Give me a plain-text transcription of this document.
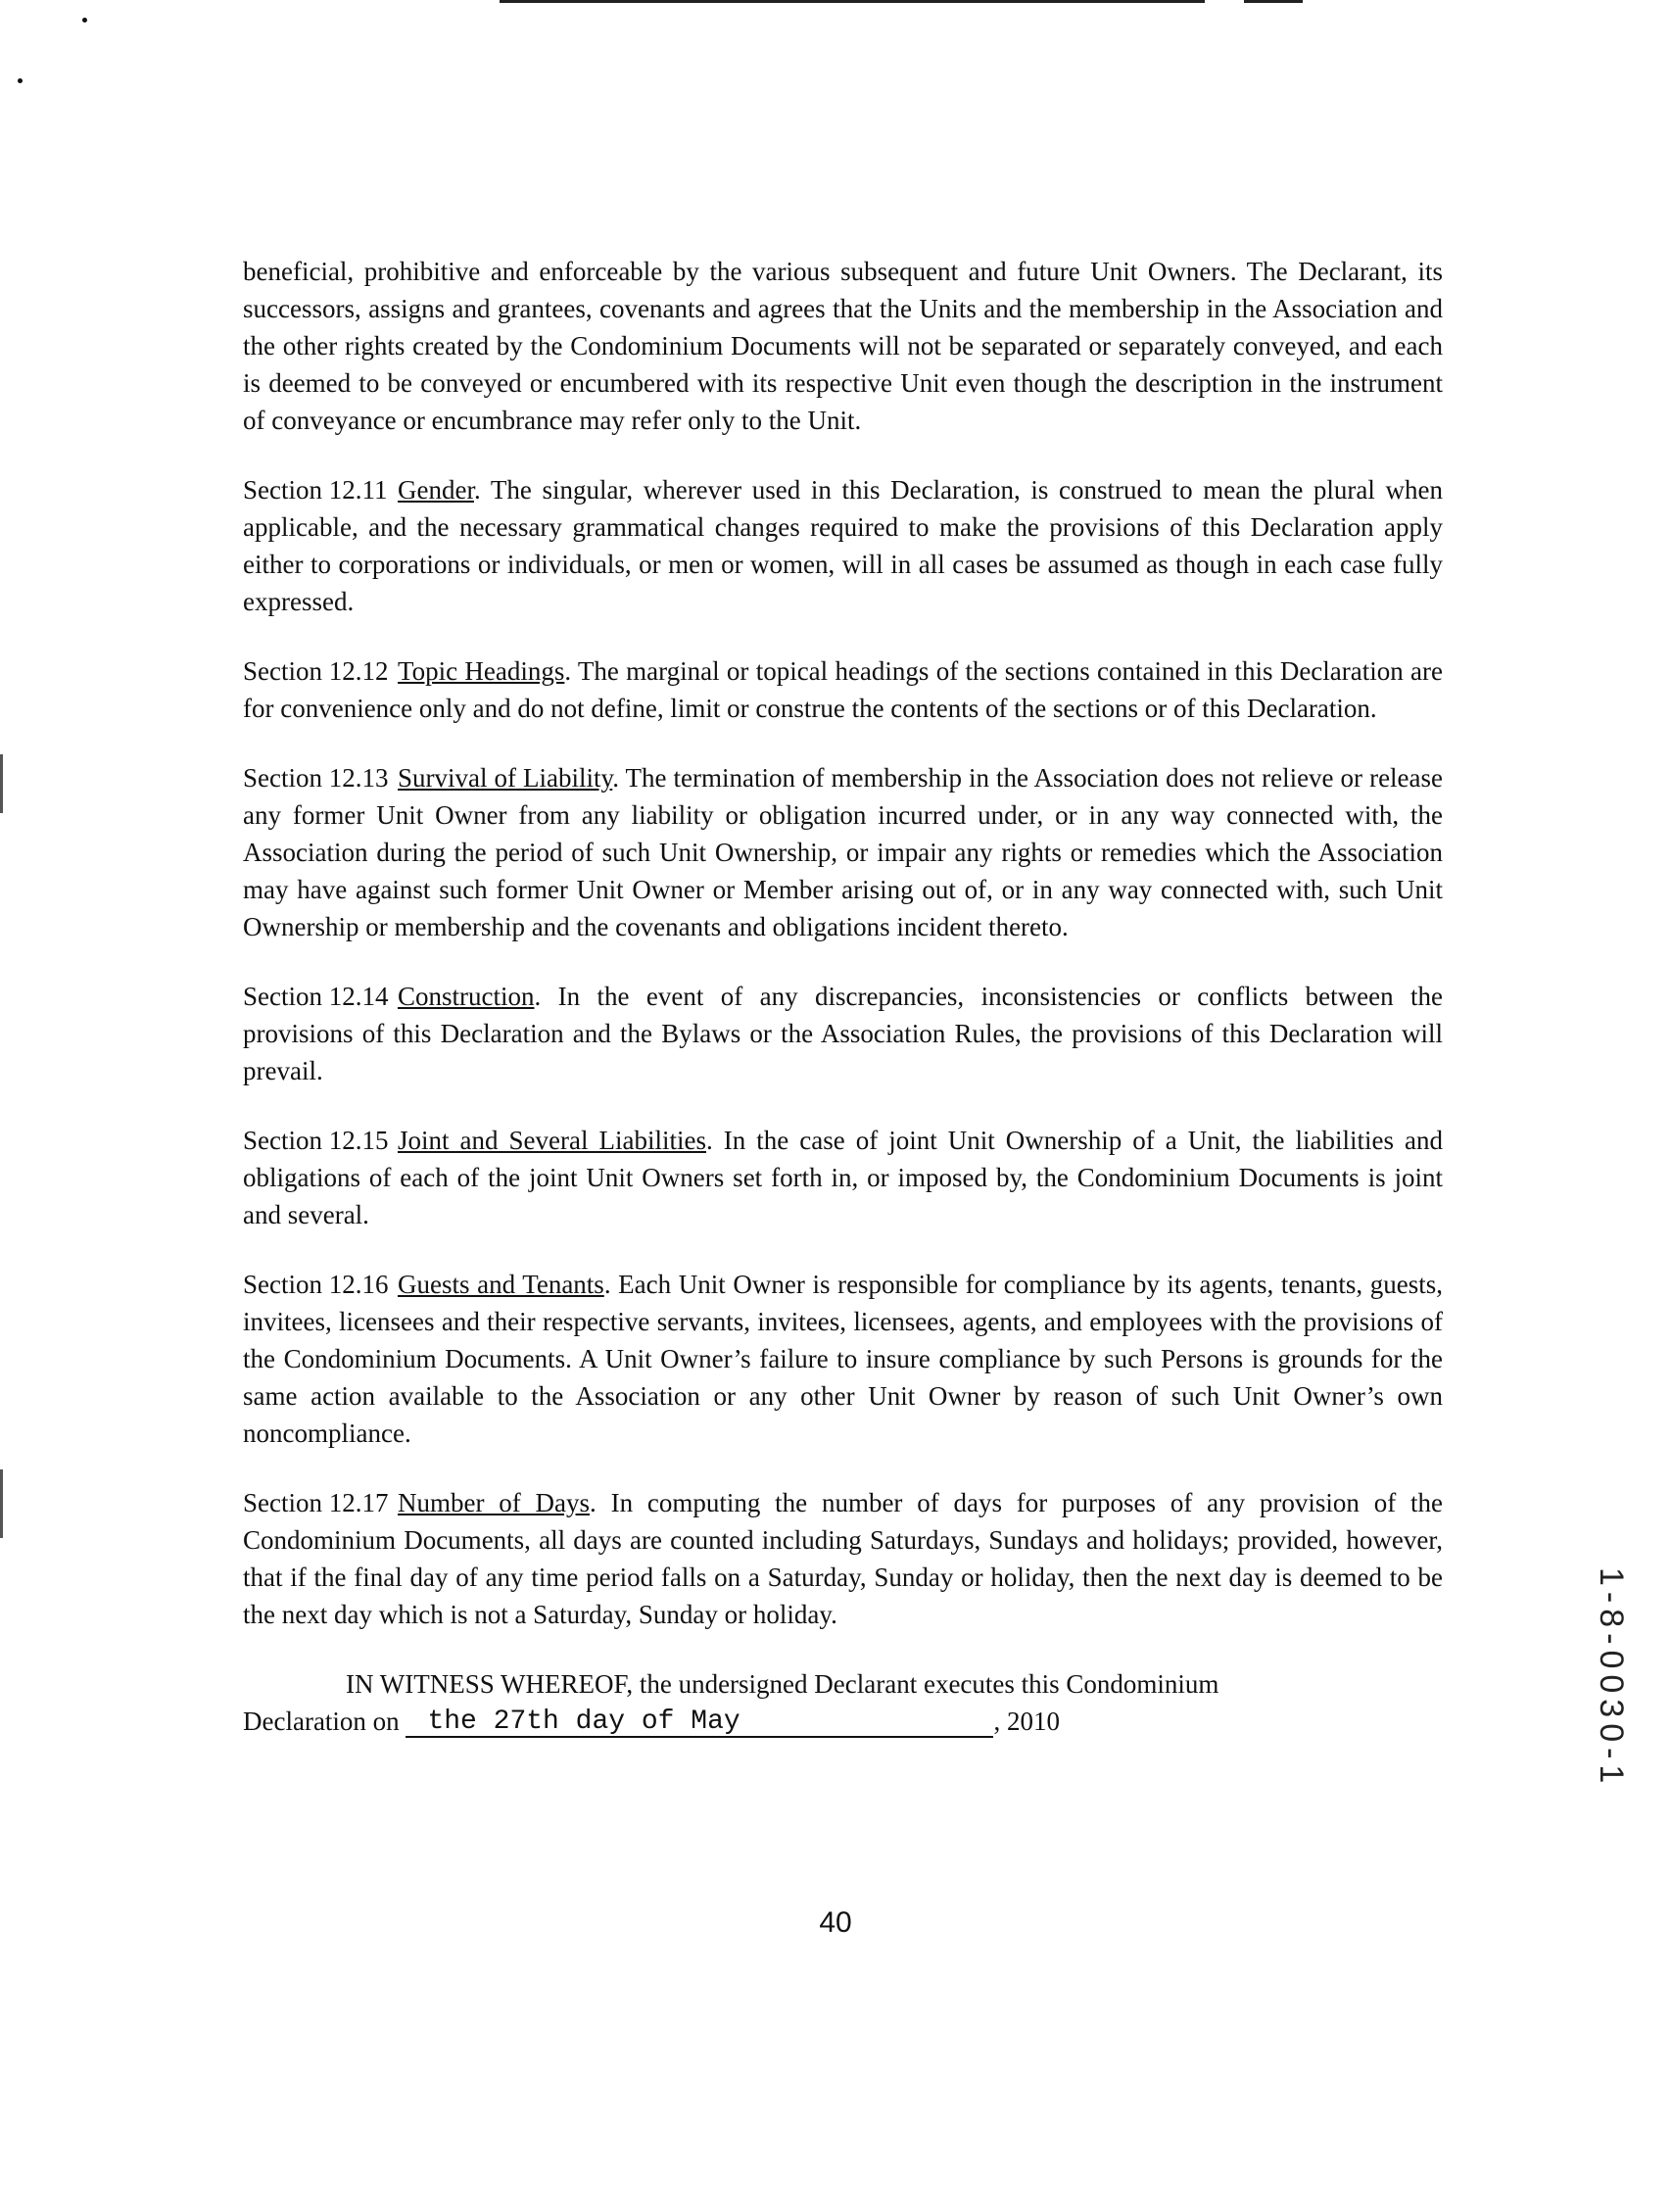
beneficial, prohibitive and enforceable by the various subsequent and future Unit Owners. The Declarant, its successors, assigns and grantees, covenants and agrees that the Units and the membership in the Association and the other rights created by the Condominium Documents will not be separated or separately conveyed, and each is deemed to be conveyed or encumbered with its respective Unit even though the description in the instrument of conveyance or encumbrance may refer only to the Unit.

Section 12.11 Gender. The singular, wherever used in this Declaration, is construed to mean the plural when applicable, and the necessary grammatical changes required to make the provisions of this Declaration apply either to corporations or individuals, or men or women, will in all cases be assumed as though in each case fully expressed.

Section 12.12 Topic Headings. The marginal or topical headings of the sections contained in this Declaration are for convenience only and do not define, limit or construe the contents of the sections or of this Declaration.

Section 12.13 Survival of Liability. The termination of membership in the Association does not relieve or release any former Unit Owner from any liability or obligation incurred under, or in any way connected with, the Association during the period of such Unit Ownership, or impair any rights or remedies which the Association may have against such former Unit Owner or Member arising out of, or in any way connected with, such Unit Ownership or membership and the covenants and obligations incident thereto.

Section 12.14 Construction. In the event of any discrepancies, inconsistencies or conflicts between the provisions of this Declaration and the Bylaws or the Association Rules, the provisions of this Declaration will prevail.

Section 12.15 Joint and Several Liabilities. In the case of joint Unit Ownership of a Unit, the liabilities and obligations of each of the joint Unit Owners set forth in, or imposed by, the Condominium Documents is joint and several.

Section 12.16 Guests and Tenants. Each Unit Owner is responsible for compliance by its agents, tenants, guests, invitees, licensees and their respective servants, invitees, licensees, agents, and employees with the provisions of the Condominium Documents. A Unit Owner’s failure to insure compliance by such Persons is grounds for the same action available to the Association or any other Unit Owner by reason of such Unit Owner’s own noncompliance.

Section 12.17 Number of Days. In computing the number of days for purposes of any provision of the Condominium Documents, all days are counted including Saturdays, Sundays and holidays; provided, however, that if the final day of any time period falls on a Saturday, Sunday or holiday, then the next day is deemed to be the next day which is not a Saturday, Sunday or holiday.

IN WITNESS WHEREOF, the undersigned Declarant executes this Condominium
Declaration on the 27th day of May	, 2010
40
1-8-0030-1
